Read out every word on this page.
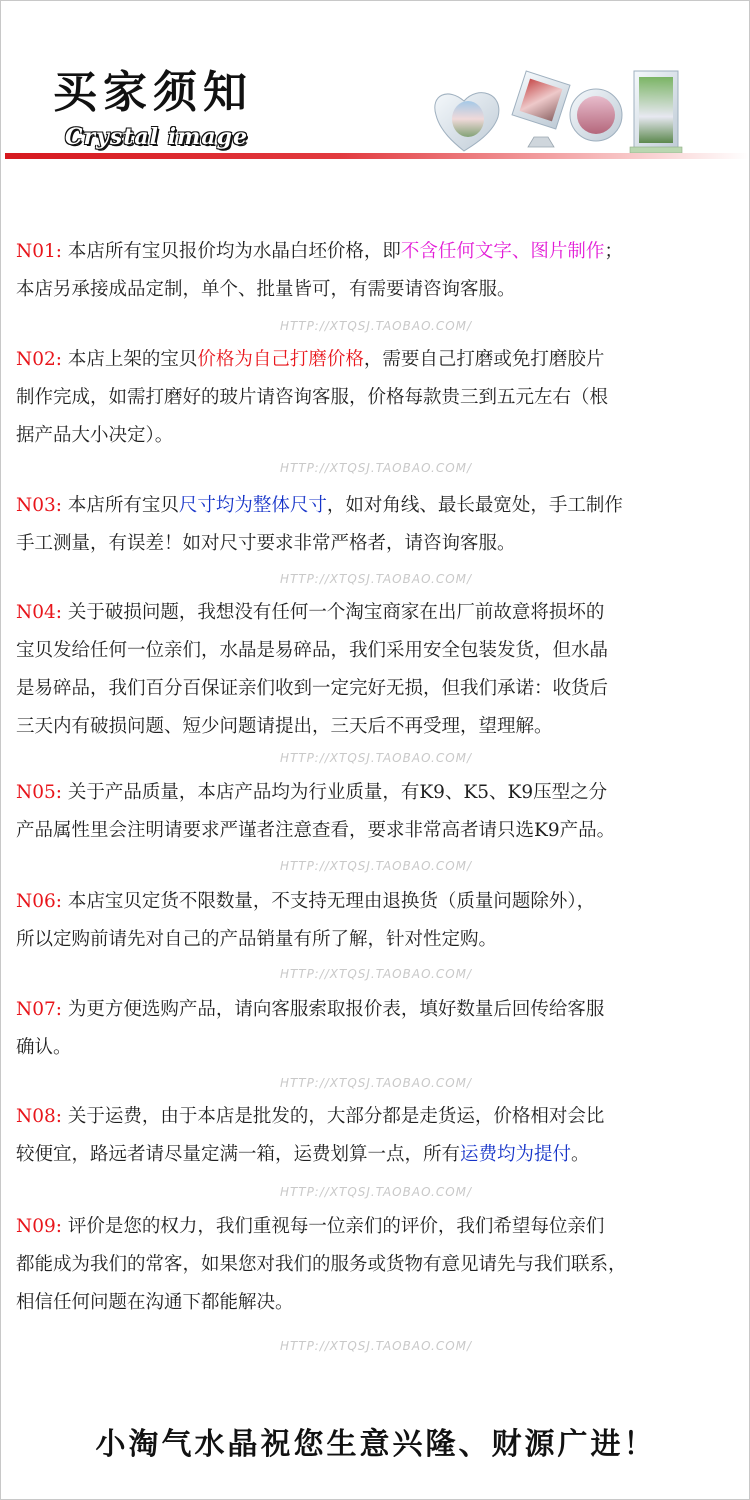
买家须知
Crystal image

N01: 本店所有宝贝报价均为水晶白坯价格，即不含任何文字、图片制作；

本店另承接成品定制，单个、批量皆可，有需要请咨询客服。

HTTP://XTQSJ.TAOBAO.COM/

N02: 本店上架的宝贝价格为自己打磨价格，需要自己打磨或免打磨胶片

制作完成，如需打磨好的玻片请咨询客服，价格每款贵三到五元左右（根

据产品大小决定）。

HTTP://XTQSJ.TAOBAO.COM/

N03: 本店所有宝贝尺寸均为整体尺寸，如对角线、最长最宽处，手工制作

手工测量，有误差！如对尺寸要求非常严格者，请咨询客服。

HTTP://XTQSJ.TAOBAO.COM/

N04: 关于破损问题，我想没有任何一个淘宝商家在出厂前故意将损坏的

宝贝发给任何一位亲们，水晶是易碎品，我们采用安全包装发货，但水晶

是易碎品，我们百分百保证亲们收到一定完好无损，但我们承诺：收货后

三天内有破损问题、短少问题请提出，三天后不再受理，望理解。

HTTP://XTQSJ.TAOBAO.COM/

N05: 关于产品质量，本店产品均为行业质量，有K9、K5、K9压型之分

产品属性里会注明请要求严谨者注意查看，要求非常高者请只选K9产品。

HTTP://XTQSJ.TAOBAO.COM/

N06: 本店宝贝定货不限数量，不支持无理由退换货（质量问题除外），

所以定购前请先对自己的产品销量有所了解，针对性定购。

HTTP://XTQSJ.TAOBAO.COM/

N07: 为更方便选购产品，请向客服索取报价表，填好数量后回传给客服

确认。

HTTP://XTQSJ.TAOBAO.COM/

N08: 关于运费，由于本店是批发的，大部分都是走货运，价格相对会比

较便宜，路远者请尽量定满一箱，运费划算一点，所有运费均为提付。

HTTP://XTQSJ.TAOBAO.COM/

N09: 评价是您的权力，我们重视每一位亲们的评价，我们希望每位亲们

都能成为我们的常客，如果您对我们的服务或货物有意见请先与我们联系，

相信任何问题在沟通下都能解决。

HTTP://XTQSJ.TAOBAO.COM/
小淘气水晶祝您生意兴隆、财源广进！
